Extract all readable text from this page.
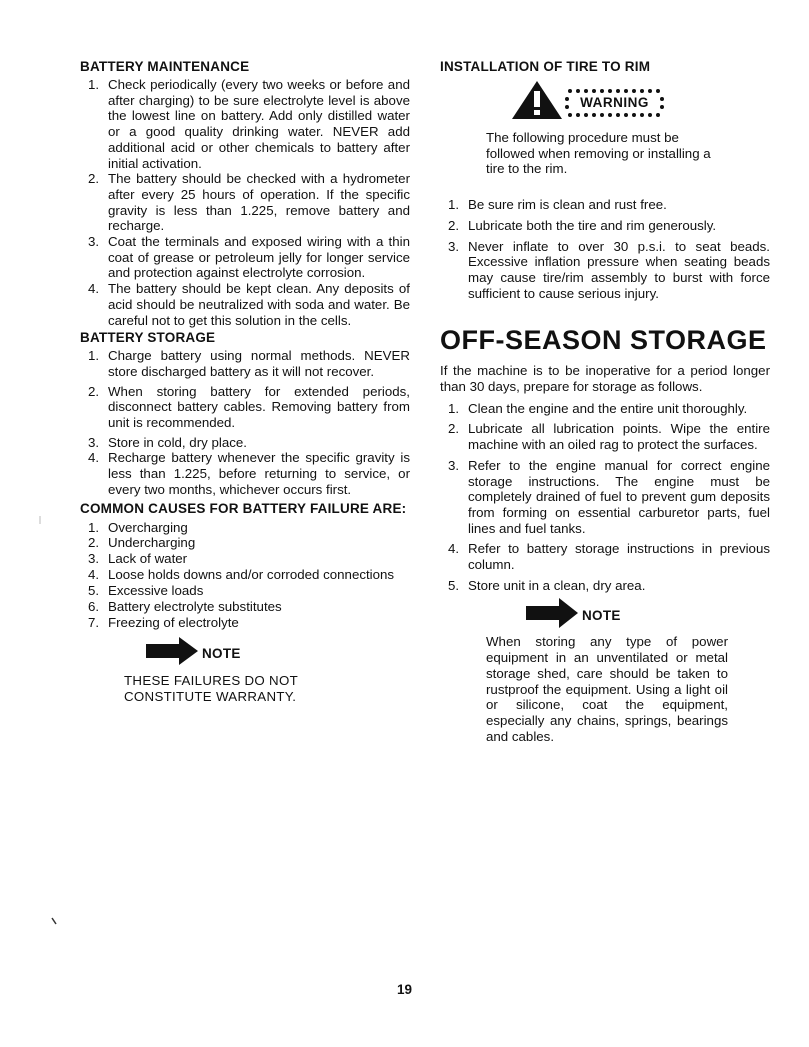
BATTERY MAINTENANCE
1. Check periodically (every two weeks or before and after charging) to be sure electrolyte level is above the lowest line on battery. Add only distilled water or a good quality drinking water. NEVER add additional acid or other chemicals to battery after initial activation.
2. The battery should be checked with a hydrometer after every 25 hours of operation. If the specific gravity is less than 1.225, remove battery and recharge.
3. Coat the terminals and exposed wiring with a thin coat of grease or petroleum jelly for longer service and protection against electrolyte corrosion.
4. The battery should be kept clean. Any deposits of acid should be neutralized with soda and water. Be careful not to get this solution in the cells.
BATTERY STORAGE
1. Charge battery using normal methods. NEVER store discharged battery as it will not recover.
2. When storing battery for extended periods, disconnect battery cables. Removing battery from unit is recommended.
3. Store in cold, dry place.
4. Recharge battery whenever the specific gravity is less than 1.225, before returning to service, or every two months, whichever occurs first.
COMMON CAUSES FOR BATTERY FAILURE ARE:
1. Overcharging
2. Undercharging
3. Lack of water
4. Loose holds downs and/or corroded connections
5. Excessive loads
6. Battery electrolyte substitutes
7. Freezing of electrolyte
NOTE
THESE FAILURES DO NOT CONSTITUTE WARRANTY.
INSTALLATION OF TIRE TO RIM
WARNING
The following procedure must be followed when removing or installing a tire to the rim.
1. Be sure rim is clean and rust free.
2. Lubricate both the tire and rim generously.
3. Never inflate to over 30 p.s.i. to seat beads. Excessive inflation pressure when seating beads may cause tire/rim assembly to burst with force sufficient to cause serious injury.
OFF-SEASON STORAGE
If the machine is to be inoperative for a period longer than 30 days, prepare for storage as follows.
1. Clean the engine and the entire unit thoroughly.
2. Lubricate all lubrication points. Wipe the entire machine with an oiled rag to protect the surfaces.
3. Refer to the engine manual for correct engine storage instructions. The engine must be completely drained of fuel to prevent gum deposits from forming on essential carburetor parts, fuel lines and fuel tanks.
4. Refer to battery storage instructions in previous column.
5. Store unit in a clean, dry area.
NOTE
When storing any type of power equipment in an unventilated or metal storage shed, care should be taken to rustproof the equipment. Using a light oil or silicone, coat the equipment, especially any chains, springs, bearings and cables.
19
